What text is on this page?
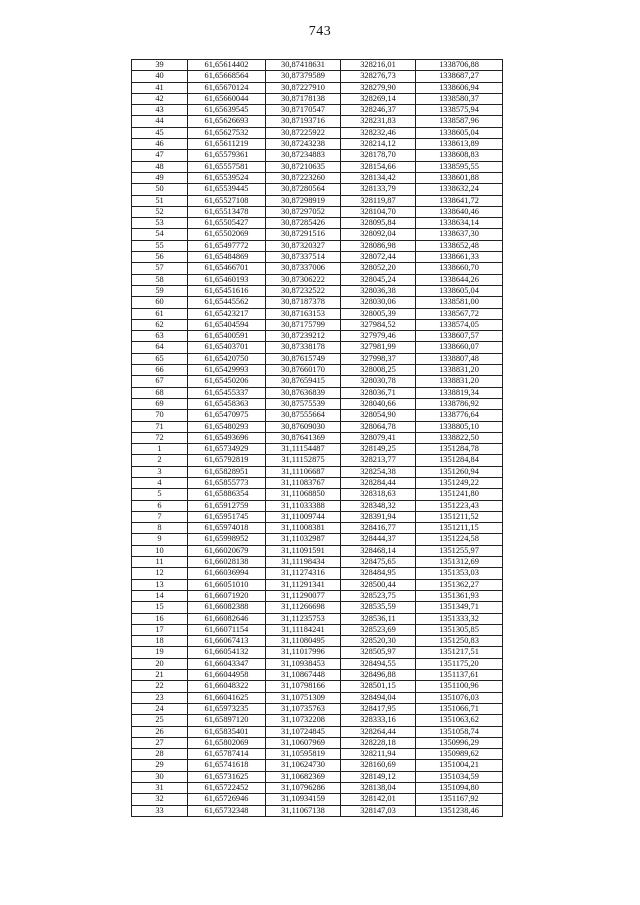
743
39	61,65614402	30,87418631	328216,01	1338706,88
40	61,65668564	30,87379589	328276,73	1338687,27
41	61,65670124	30,87227910	328279,90	1338606,94
42	61,65660044	30,87178138	328269,14	1338580,37
43	61,65639545	30,87170547	328246,37	1338575,94
44	61,65626693	30,87193716	328231,83	1338587,96
45	61,65627532	30,87225922	328232,46	1338605,04
46	61,65611219	30,87243238	328214,12	1338613,89
47	61,65579361	30,87234883	328178,70	1338608,83
48	61,65557581	30,87210635	328154,66	1338595,55
49	61,65539524	30,87223260	328134,42	1338601,88
50	61,65539445	30,87280564	328133,79	1338632,24
51	61,65527108	30,87298919	328119,87	1338641,72
52	61,65513478	30,87297052	328104,70	1338640,46
53	61,65505427	30,87285426	328095,84	1338634,14
54	61,65502069	30,87291516	328092,04	1338637,30
55	61,65497772	30,87320327	328086,98	1338652,48
56	61,65484869	30,87337514	328072,44	1338661,33
57	61,65466701	30,87337006	328052,20	1338660,70
58	61,65460193	30,87306222	328045,24	1338644,26
59	61,65451616	30,87232522	328036,38	1338605,04
60	61,65445562	30,87187378	328030,06	1338581,00
61	61,65423217	30,87163153	328005,39	1338567,72
62	61,65404594	30,87175799	327984,52	1338574,05
63	61,65400591	30,87239212	327979,46	1338607,57
64	61,65403701	30,87338178	327981,99	1338660,07
65	61,65420750	30,87615749	327998,37	1338807,48
66	61,65429993	30,87660170	328008,25	1338831,20
67	61,65450206	30,87659415	328030,78	1338831,20
68	61,65455337	30,87636839	328036,71	1338819,34
69	61,65458363	30,87575539	328040,66	1338786,92
70	61,65470975	30,87555664	328054,90	1338776,64
71	61,65480293	30,87609030	328064,78	1338805,10
72	61,65493696	30,87641369	328079,41	1338822,50
1	61,65734929	31,11154487	328149,25	1351284,78
2	61,65792819	31,11152875	328213,77	1351284,84
3	61,65828951	31,11106687	328254,38	1351260,94
4	61,65855773	31,11083767	328284,44	1351249,22
5	61,65886354	31,11068850	328318,63	1351241,80
6	61,65912759	31,11033388	328348,32	1351223,43
7	61,65951745	31,11009744	328391,94	1351211,52
8	61,65974018	31,11008381	328416,77	1351211,15
9	61,65998952	31,11032987	328444,37	1351224,58
10	61,66020679	31,11091591	328468,14	1351255,97
11	61,66028138	31,11198434	328475,65	1351312,69
12	61,66036994	31,11274316	328484,95	1351353,03
13	61,66051010	31,11291341	328500,44	1351362,27
14	61,66071920	31,11290077	328523,75	1351361,93
15	61,66082388	31,11266698	328535,59	1351349,71
16	61,66082646	31,11235753	328536,11	1351333,32
17	61,66071154	31,11184241	328523,69	1351305,85
18	61,66067413	31,11080495	328520,30	1351250,83
19	61,66054132	31,11017996	328505,97	1351217,51
20	61,66043347	31,10938453	328494,55	1351175,20
21	61,66044958	31,10867448	328496,88	1351137,61
22	61,66048322	31,10798166	328501,15	1351100,96
23	61,66041625	31,10751309	328494,04	1351076,03
24	61,65973235	31,10735763	328417,95	1351066,71
25	61,65897120	31,10732208	328333,16	1351063,62
26	61,65835401	31,10724845	328264,44	1351058,74
27	61,65802069	31,10607969	328228,18	1350996,29
28	61,65787414	31,10595819	328211,94	1350989,62
29	61,65741618	31,10624730	328160,69	1351004,21
30	61,65731625	31,10682369	328149,12	1351034,59
31	61,65722452	31,10796286	328138,04	1351094,80
32	61,65726946	31,10934159	328142,01	1351167,92
33	61,65732348	31,11067138	328147,03	1351238,46
